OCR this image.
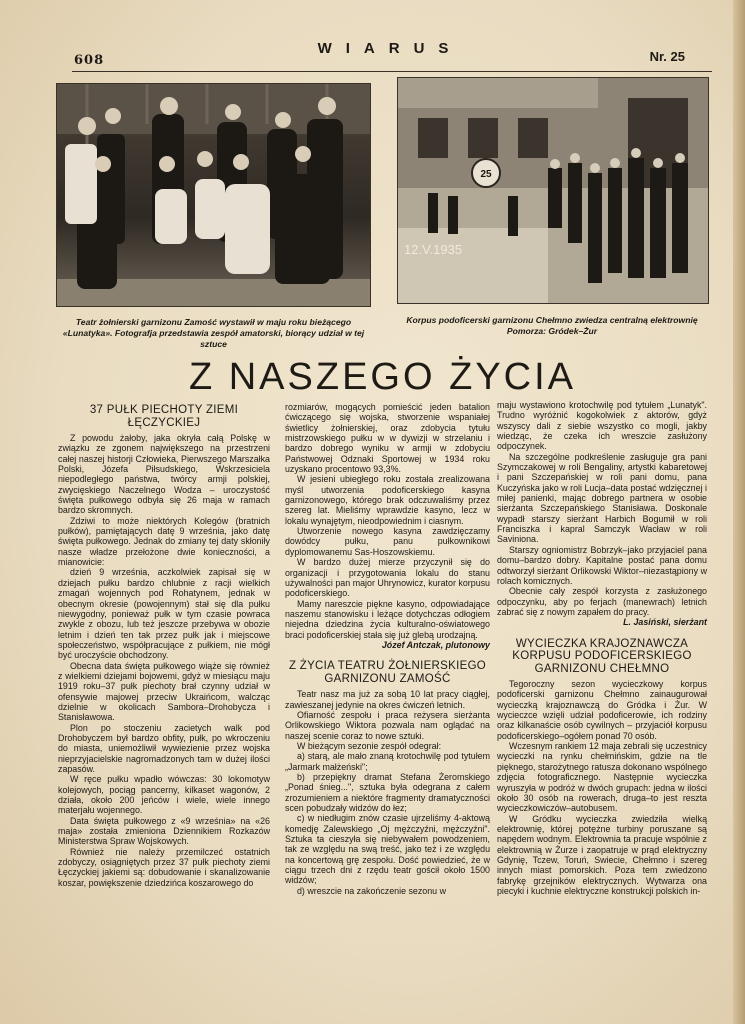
608
WIARUS	Nr. 25
Teatr żołnierski garnizonu Zamość wystawił w maju roku bieżącego «Lunatyka». Fotografja przedstawia zespół amatorski, biorący udział w tej sztuce
25
12.V.1935
Korpus podoficerski garnizonu Chełmno zwiedza centralną elektrownię Pomorza: Gródek–Żur
Z NASZEGO ŻYCIA
37 PUŁK PIECHOTY ZIEMI ŁĘCZYCKIEJ

Z powodu żałoby, jaka okryła całą Polskę w związku ze zgonem największego na przestrzeni całej naszej historji Człowieka, Pierwszego Marszałka Polski, Józefa Piłsudskiego, Wskrzesiciela niepodległego państwa, twórcy armji polskiej, zwycięskiego Naczelnego Wodza – uroczystość święta pułkowego odbyła się 26 maja w ramach bardzo skromnych.

Zdziwi to może niektórych Kolegów (bratnich pułków), pamiętających datę 9 września, jako datę święta pułkowego. Jednak do zmiany tej daty skłoniły nasze władze przełożone dwie konieczności, a mianowicie:

dzień 9 września, aczkolwiek zapisał się w dziejach pułku bardzo chlubnie z racji wielkich zmagań wojennych pod Rohatynem, jednak w obecnym okresie (powojennym) stał się dla pułku niewygodny, ponieważ pułk w tym czasie powraca zwykle z obozu, lub też jeszcze przebywa w obozie letnim i dzień ten tak przez pułk jak i miejscowe społeczeństwo, współpracujące z pułkiem, nie mógł być uroczyście obchodzony.

Obecna data święta pułkowego wiąże się również z wielkiemi dziejami bojowemi, gdyż w miesiącu maju 1919 roku–37 pułk piechoty brał czynny udział w ofensywie majowej przeciw Ukraińcom, walcząc dzielnie w okolicach Sambora–Drohobycza i Stanisławowa.

Plon po stoczeniu zacietych walk pod Drohobyczem był bardzo obfity, pułk, po wkroczeniu do miasta, uniemożliwił wywiezienie przez wojska nieprzyjacielskie nagromadzonych tam w dużej ilości zapasów.

W ręce pułku wpadło wówczas: 30 lokomotyw kolejowych, pociąg pancerny, kilkaset wagonów, 2 działa, około 200 jeńców i wiele, wiele innego materjału wojennego.

Data święta pułkowego z «9 września» na «26 maja» została zmieniona Dziennikiem Rozkazów Ministerstwa Spraw Wojskowych.

Również nie należy przemilczeć ostatnich zdobyczy, osiągniętych przez 37 pułk piechoty ziemi Łęczyckiej jakiemi są: dobudowanie i skanalizowanie koszar, powiększenie dziedzińca koszarowego do

rozmiarów, mogących pomieścić jeden batalion ćwiczącego się wojska, stworzenie wspaniałej świetlicy żołnierskiej, oraz zdobycia tytułu mistrzowskiego pułku w w dywizji w strzelaniu i bardzo dobrego wyniku w armji w zdobyciu Państwowej Odznaki Sportowej w 1934 roku uzyskano procentowo 93,3%.

W jesieni ubiegłego roku została zrealizowana myśl utworzenia podoficerskiego kasyna garnizonowego, którego brak odczuwaliśmy przez szereg lat. Mieliśmy wprawdzie kasyno, lecz w lokalu wynajętym, nieodpowiednim i ciasnym.

Utworzenie nowego kasyna zawdzięczamy dowódcy pułku, panu pułkownikowi dyplomowanemu Sas-Hoszowskiemu.

W bardzo dużej mierze przyczynił się do organizacji i przygotowania lokalu do stanu używalności pan major Uhrynowicz, kurator korpusu podoficerskiego.

Mamy nareszcie piękne kasyno, odpowiadające naszemu stanowisku i leżące dotychczas odłogiem niejedna dziedzina życia kulturalno-oświatowego braci podoficerskiej stała się już glebą urodzajną.

Józef Antczak, plutonowy

Z ŻYCIA TEATRU ŻOŁNIERSKIEGO GARNIZONU ZAMOŚĆ

Teatr nasz ma już za sobą 10 lat pracy ciągłej, zawieszanej jedynie na okres ćwiczeń letnich.

Ofiarność zespołu i praca reżysera sierżanta Orlikowskiego Wiktora pozwala nam oglądać na naszej scenie coraz to nowe sztuki.

W bieżącym sezonie zespół odegrał:

a) starą, ale mało znaną krotochwilę pod tytułem „Jarmark małżeński";

b) przepiękny dramat Stefana Żeromskiego „Ponad śnieg...", sztuka była odegrana z całem zrozumieniem a niektóre fragmenty dramatyczności scen pobudzały widzów do łez;

c) w niedługim znów czasie ujrzeliśmy 4-aktową komedję Zalewskiego „Oj mężczyźni, mężczyźni". Sztuka ta cieszyła się niebywałem powodzeniem, tak ze względu na swą treść, jako też i ze względu na koncertową grę zespołu. Dość powiedzieć, że w ciągu trzech dni z rzędu teatr gościł około 1500 widzów;

d) wreszcie na zakończenie sezonu w

maju wystawiono krotochwilę pod tytułem „Lunatyk". Trudno wyróżnić kogokolwiek z aktorów, gdyż wszyscy dali z siebie wszystko co mogli, jakby wiedząc, że czeka ich wreszcie zasłużony odpoczynek.

Na szczególne podkreślenie zasługuje gra pani Szymczakowej w roli Bengaliny, artystki kabaretowej i pani Szczepańskiej w roli pani domu, pana Kuczyńska jako w roli Lucja–data postać wdzięcznej i miłej panienki, mając dobrego partnera w osobie sierżanta Szczepańskiego Stanisława. Doskonale wypadł starszy sierżant Harbich Bogumił w roli Franciszka i kapral Samczyk Wacław w roli Saviniona.

Starszy ogniomistrz Bobrzyk–jako przyjaciel pana domu–bardzo dobry. Kapitalne postać pana domu odtworzył sierżant Orlikowski Wiktor–niezastąpiony w rolach komicznych.

Obecnie cały zespół korzysta z zasłużonego odpoczynku, aby po ferjach (manewrach) letnich zabrać się z nowym zapałem do pracy.

L. Jasiński, sierżant

WYCIECZKA KRAJOZNAWCZA KORPUSU PODOFICERSKIEGO GARNIZONU CHEŁMNO

Tegoroczny sezon wycieczkowy korpus podoficerski garnizonu Chełmno zainaugurował wycieczką krajoznawczą do Gródka i Żur. W wycieczce wzięli udział podoficerowie, ich rodziny oraz kilkanaście osób cywilnych – przyjaciół korpusu podoficerskiego–ogółem ponad 70 osób.

Wczesnym rankiem 12 maja zebrali się uczestnicy wycieczki na rynku chełmińskim, gdzie na tle pięknego, starożytnego ratusza dokonano wspólnego zdjęcia fotograficznego. Następnie wycieczka wyruszyła w podróż w dwóch grupach: jedna w ilości około 30 osób na rowerach, druga–to jest reszta wycieczkowiczów–autobusem.

W Gródku wycieczka zwiedziła wielką elektrownię, której potężne turbiny poruszane są napędem wodnym. Elektrownia ta pracuje wspólnie z elektrownią w Żurze i zaopatruje w prąd elektryczny Gdynię, Tczew, Toruń, Swiecie, Chełmno i szereg innych miast pomorskich. Poza tem zwiedzono fabrykę grzejników elektrycznych. Wytwarza ona piecyki i kuchnie elektryczne konstrukcji polskich in-
